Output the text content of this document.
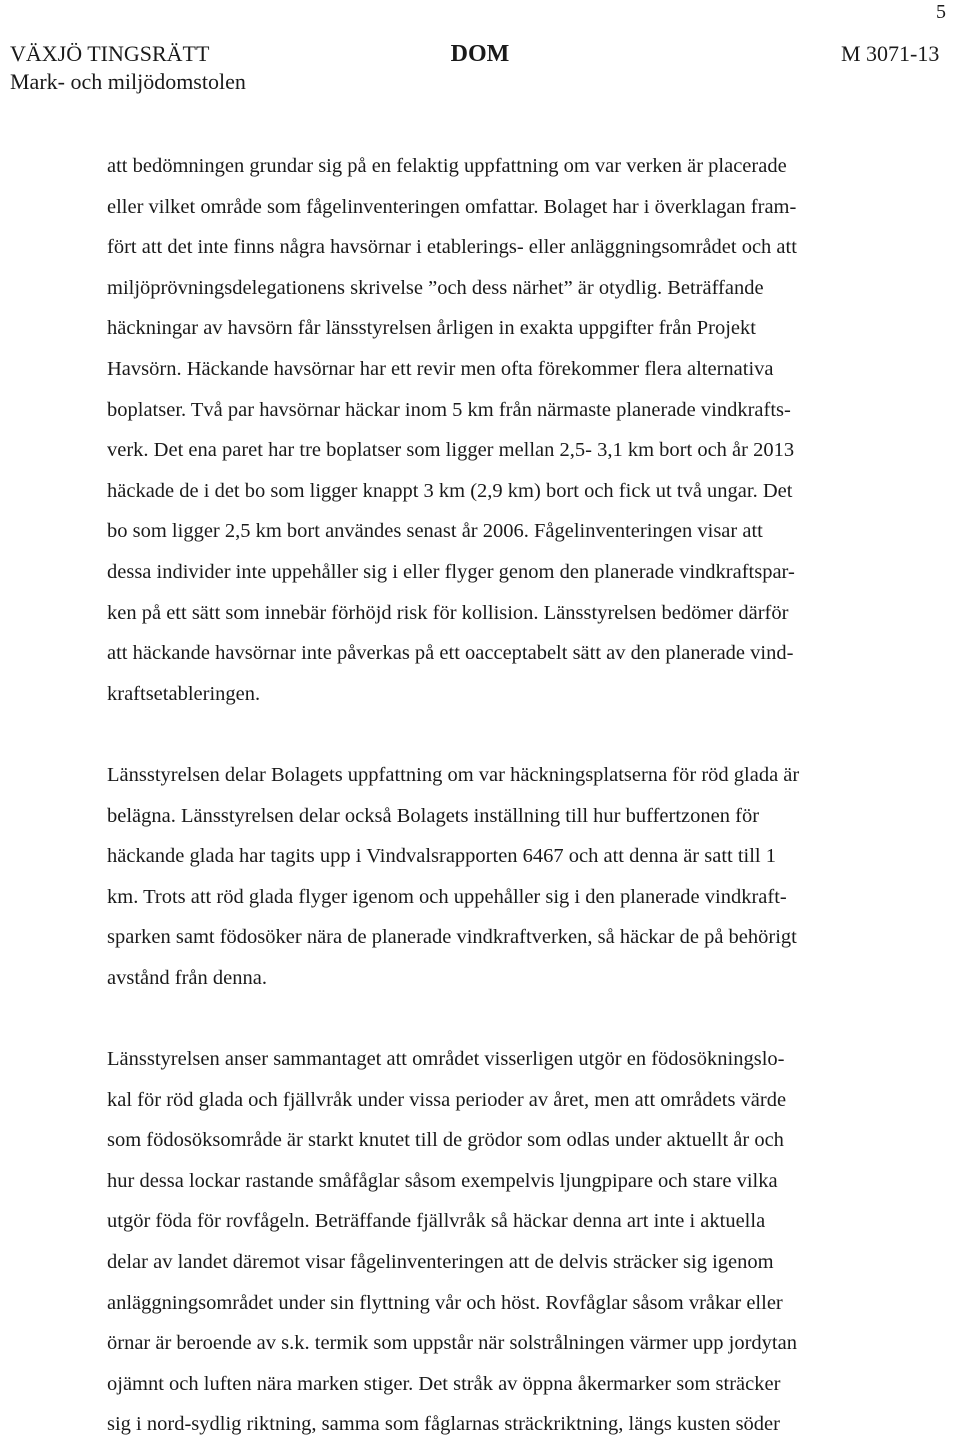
5
VÄXJÖ TINGSRÄTT
Mark- och miljödomstolen
DOM	M 3071-13
att bedömningen grundar sig på en felaktig uppfattning om var verken är placerade
eller vilket område som fågelinventeringen omfattar. Bolaget har i överklagan fram-
fört att det inte finns några havsörnar i etablerings- eller anläggningsområdet och att
miljöprövningsdelegationens skrivelse ”och dess närhet” är otydlig. Beträffande
häckningar av havsörn får länsstyrelsen årligen in exakta uppgifter från Projekt
Havsörn. Häckande havsörnar har ett revir men ofta förekommer flera alternativa
boplatser. Två par havsörnar häckar inom 5 km från närmaste planerade vindkrafts-
verk. Det ena paret har tre boplatser som ligger mellan 2,5- 3,1 km bort och år 2013
häckade de i det bo som ligger knappt 3 km (2,9 km) bort och fick ut två ungar. Det
bo som ligger 2,5 km bort användes senast år 2006. Fågelinventeringen visar att
dessa individer inte uppehåller sig i eller flyger genom den planerade vindkraftspar-
ken på ett sätt som innebär förhöjd risk för kollision. Länsstyrelsen bedömer därför
att häckande havsörnar inte påverkas på ett oacceptabelt sätt av den planerade vind-
kraftsetableringen.
Länsstyrelsen delar Bolagets uppfattning om var häckningsplatserna för röd glada är
belägna. Länsstyrelsen delar också Bolagets inställning till hur buffertzonen för
häckande glada har tagits upp i Vindvalsrapporten 6467 och att denna är satt till 1
km. Trots att röd glada flyger igenom och uppehåller sig i den planerade vindkraft-
sparken samt födosöker nära de planerade vindkraftverken, så häckar de på behörigt
avstånd från denna.
Länsstyrelsen anser sammantaget att området visserligen utgör en födosökningslo-
kal för röd glada och fjällvråk under vissa perioder av året, men att områdets värde
som födosöksområde är starkt knutet till de grödor som odlas under aktuellt år och
hur dessa lockar rastande småfåglar såsom exempelvis ljungpipare och stare vilka
utgör föda för rovfågeln. Beträffande fjällvråk så häckar denna art inte i aktuella
delar av landet däremot visar fågelinventeringen att de delvis sträcker sig igenom
anläggningsområdet under sin flyttning vår och höst. Rovfåglar såsom vråkar eller
örnar är beroende av s.k. termik som uppstår när solstrålningen värmer upp jordytan
ojämnt och luften nära marken stiger. Det stråk av öppna åkermarker som sträcker
sig i nord-sydlig riktning, samma som fåglarnas sträckriktning, längs kusten söder
